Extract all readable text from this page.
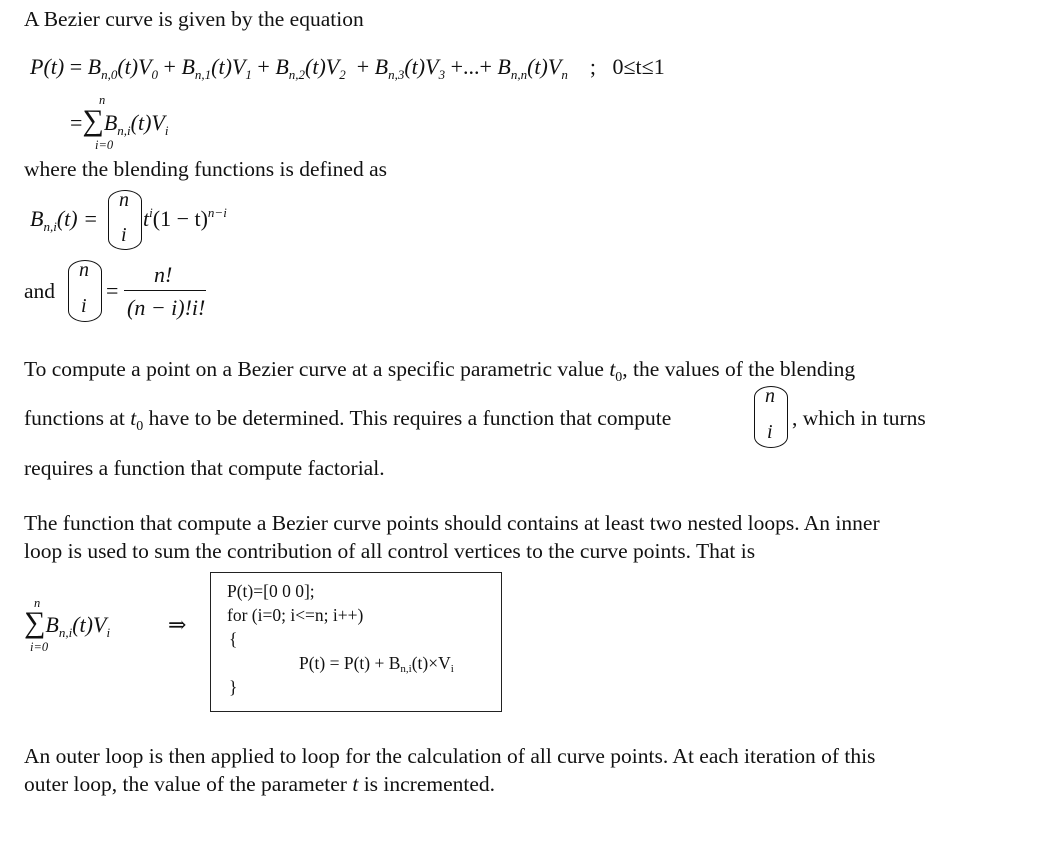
A Bezier curve is given by the equation
$P(t) = B_{n,0}(t)V_0 + B_{n,1}(t)V_1 + B_{n,2}(t)V_2 + B_{n,3}(t)V_3$ +...+ $B_{n,n}(t)V_n$ ; 0≤t≤1
n
$=\sum B_{n,i}(t)V_i$
i=0
where the blending functions is defined as
$B_{n,i}(t)$ =
n
i
$t^i(1 - t)^{n-i}$
and
n
i
=
n!
(n − i)!i!
To compute a point on a Bezier curve at a specific parametric value $t_0$, the values of the blending
functions at $t_0$ have to be determined. This requires a function that compute
n
i
, which in turns
requires a function that compute factorial.
The function that compute a Bezier curve points should contains at least two nested loops. An inner
loop is used to sum the contribution of all control vertices to the curve points. That is
n
$\sum B_{n,i}(t)V_i$
i=0
⇒
P(t)=[0 0 0];
for (i=0; i<=n; i++)
{
$P(t) = P(t) + B_{n,i}(t)\times V_i$
}
An outer loop is then applied to loop for the calculation of all curve points. At each iteration of this
outer loop, the value of the parameter t is incremented.
